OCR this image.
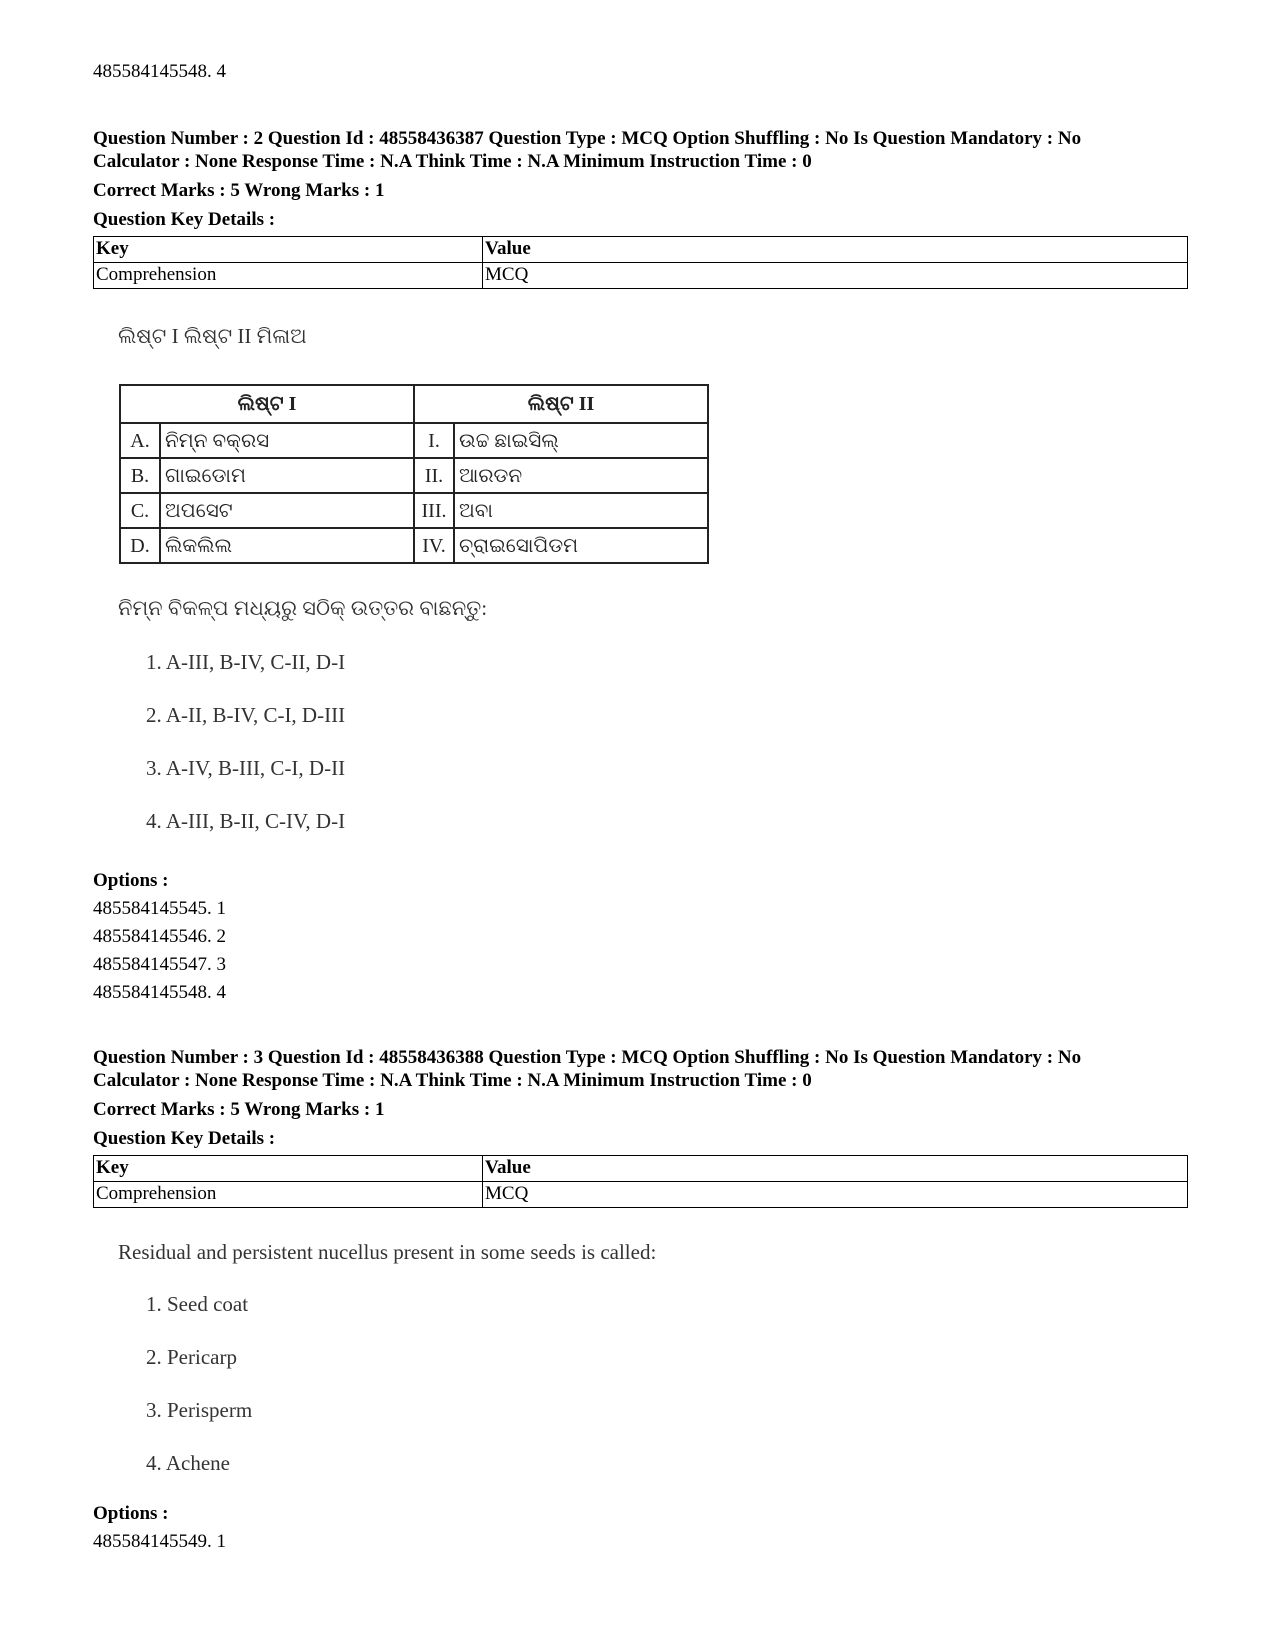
485584145548. 4
Question Number : 2 Question Id : 48558436387 Question Type : MCQ Option Shuffling : No Is Question Mandatory : No
Calculator : None Response Time : N.A Think Time : N.A Minimum Instruction Time : 0
Correct Marks : 5 Wrong Marks : 1
Question Key Details :
Key	Value
Comprehension	MCQ
ଲିଷ୍ଟ I ଲିଷ୍ଟ II ମିଳାଅ
ଲିଷ୍ଟ I		ଲିଷ୍ଟ II	
A.	ନିମ୍ନ ବକ୍ରସ	I.	ଉଚ୍ଚ ଛାଇସିଲ୍
B.	ଗାଇଡୋମ	II.	ଆରଡନ
C.	ଅପସେଟ	III.	ଅବା
D.	ଲିକଲିଲ	IV.	ଚ୍ରାଇସୋପିଡମ
ନିମ୍ନ ବିକଳ୍ପ ମଧ୍ୟରୁ ସଠିକ୍ ଉତ୍ତର ବାଛନ୍ତୁ:
1. A-III, B-IV, C-II, D-I
2. A-II, B-IV, C-I, D-III
3. A-IV, B-III, C-I, D-II
4. A-III, B-II, C-IV, D-I
Options :
485584145545. 1
485584145546. 2
485584145547. 3
485584145548. 4
Question Number : 3 Question Id : 48558436388 Question Type : MCQ Option Shuffling : No Is Question Mandatory : No
Calculator : None Response Time : N.A Think Time : N.A Minimum Instruction Time : 0
Correct Marks : 5 Wrong Marks : 1
Question Key Details :
Key	Value
Comprehension	MCQ
Residual and persistent nucellus present in some seeds is called:
1. Seed coat
2. Pericarp
3. Perisperm
4. Achene
Options :
485584145549. 1
